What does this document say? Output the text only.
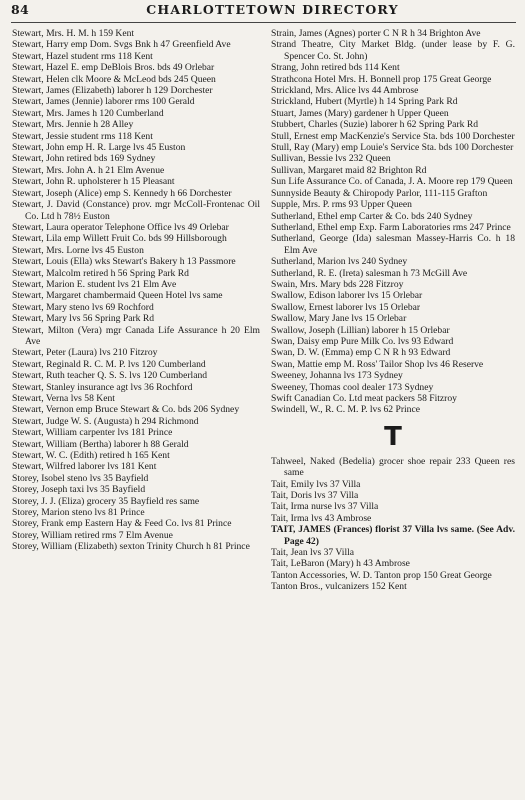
84	CHARLOTTETOWN DIRECTORY
Stewart, Mrs. H. M. h 159 Kent
Stewart, Harry emp Dom. Svgs Bnk h 47 Greenfield Ave
Stewart, Hazel student rms 118 Kent
Stewart, Hazel E. emp DeBlois Bros. bds 49 Orlebar
Stewart, Helen clk Moore & McLeod bds 245 Queen
Stewart, James (Elizabeth) laborer h 129 Dorchester
Stewart, James (Jennie) laborer rms 100 Gerald
Stewart, Mrs. James h 120 Cumberland
Stewart, Mrs. Jennie h 28 Alley
Stewart, Jessie student rms 118 Kent
Stewart, John emp H. R. Large lvs 45 Euston
Stewart, John retired bds 169 Sydney
Stewart, Mrs. John A. h 21 Elm Avenue
Stewart, John R. upholsterer h 15 Pleasant
Stewart, Joseph (Alice) emp S. Kennedy h 66 Dorchester
Stewart, J. David (Constance) prov. mgr McColl-Frontenac Oil Co. Ltd h 78½ Euston
Stewart, Laura operator Telephone Office lvs 49 Orlebar
Stewart, Lila emp Willett Fruit Co. bds 99 Hillsborough
Stewart, Mrs. Lorne lvs 45 Euston
Stewart, Louis (Ella) wks Stewart's Bakery h 13 Passmore
Stewart, Malcolm retired h 56 Spring Park Rd
Stewart, Marion E. student lvs 21 Elm Ave
Stewart, Margaret chambermaid Queen Hotel lvs same
Stewart, Mary steno lvs 69 Rochford
Stewart, Mary lvs 56 Spring Park Rd
Stewart, Milton (Vera) mgr Canada Life Assurance h 20 Elm Ave
Stewart, Peter (Laura) lvs 210 Fitzroy
Stewart, Reginald R. C. M. P. lvs 120 Cumberland
Stewart, Ruth teacher Q. S. S. lvs 120 Cumberland
Stewart, Stanley insurance agt lvs 36 Rochford
Stewart, Verna lvs 58 Kent
Stewart, Vernon emp Bruce Stewart & Co. bds 206 Sydney
Stewart, Judge W. S. (Augusta) h 294 Richmond
Stewart, William carpenter lvs 181 Prince
Stewart, William (Bertha) laborer h 88 Gerald
Stewart, W. C. (Edith) retired h 165 Kent
Stewart, Wilfred laborer lvs 181 Kent
Storey, Isobel steno lvs 35 Bayfield
Storey, Joseph taxi lvs 35 Bayfield
Storey, J. J. (Eliza) grocery 35 Bayfield res same
Storey, Marion steno lvs 81 Prince
Storey, Frank emp Eastern Hay & Feed Co. lvs 81 Prince
Storey, William retired rms 7 Elm Avenue
Storey, William (Elizabeth) sexton Trinity Church h 81 Prince
Strain, James (Agnes) porter C N R h 34 Brighton Ave
Strand Theatre, City Market Bldg. (under lease by F. G. Spencer Co. St. John)
Strang, John retired bds 114 Kent
Strathcona Hotel Mrs. H. Bonnell prop 175 Great George
Strickland, Mrs. Alice lvs 44 Ambrose
Strickland, Hubert (Myrtle) h 14 Spring Park Rd
Stuart, James (Mary) gardener h Upper Queen
Stubbert, Charles (Suzie) laborer h 62 Spring Park Rd
Stull, Ernest emp MacKenzie's Service Sta. bds 100 Dorchester
Stull, Ray (Mary) emp Louie's Service Sta. bds 100 Dorchester
Sullivan, Bessie lvs 232 Queen
Sullivan, Margaret maid 82 Brighton Rd
Sun Life Assurance Co. of Canada, J. A. Moore rep 179 Queen
Sunnyside Beauty & Chiropody Parlor, 111-115 Grafton
Supple, Mrs. P. rms 93 Upper Queen
Sutherland, Ethel emp Carter & Co. bds 240 Sydney
Sutherland, Ethel emp Exp. Farm Laboratories rms 247 Prince
Sutherland, George (Ida) salesman Massey-Harris Co. h 18 Elm Ave
Sutherland, Marion lvs 240 Sydney
Sutherland, R. E. (Ireta) salesman h 73 McGill Ave
Swain, Mrs. Mary bds 228 Fitzroy
Swallow, Edison laborer lvs 15 Orlebar
Swallow, Ernest laborer lvs 15 Orlebar
Swallow, Mary Jane lvs 15 Orlebar
Swallow, Joseph (Lillian) laborer h 15 Orlebar
Swan, Daisy emp Pure Milk Co. lvs 93 Edward
Swan, D. W. (Emma) emp C N R h 93 Edward
Swan, Mattie emp M. Ross' Tailor Shop lvs 46 Reserve
Sweeney, Johanna lvs 173 Sydney
Sweeney, Thomas cool dealer 173 Sydney
Swift Canadian Co. Ltd meat packers 58 Fitzroy
Swindell, W., R. C. M. P. lvs 62 Prince
T
Tahweel, Naked (Bedelia) grocer shoe repair 233 Queen res same
Tait, Emily lvs 37 Villa
Tait, Doris lvs 37 Villa
Tait, Irma nurse lvs 37 Villa
Tait, Irma lvs 43 Ambrose
TAIT, JAMES (Frances) florist 37 Villa lvs same. (See Adv. Page 42)
Tait, Jean lvs 37 Villa
Tait, LeBaron (Mary) h 43 Ambrose
Tanton Accessories, W. D. Tanton prop 150 Great George
Tanton Bros., vulcanizers 152 Kent
